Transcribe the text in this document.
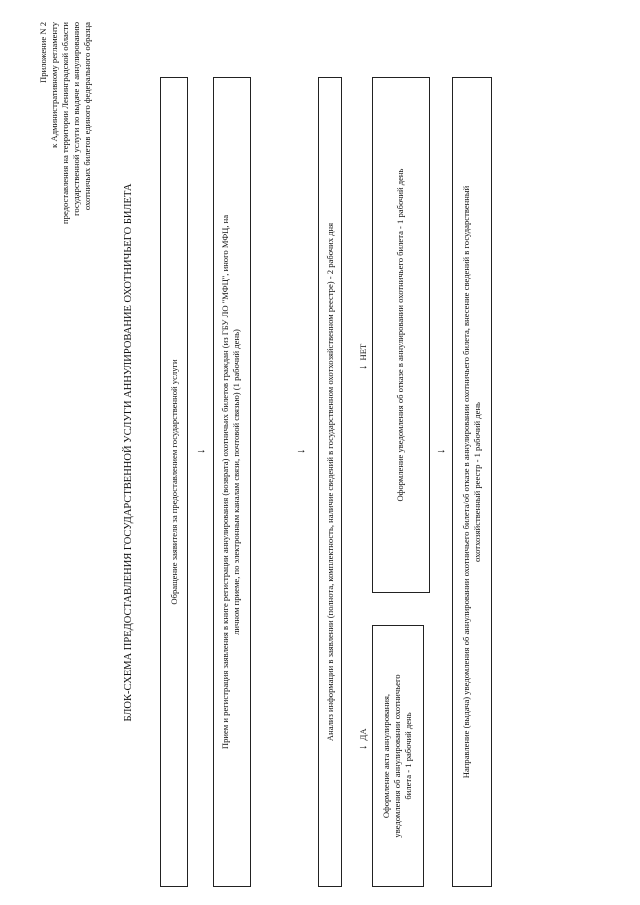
Приложение N 2 к Административному регламенту предоставления на территории Ленинградской области государственной услуги по выдаче и аннулированию охотничьих билетов единого федерального образца
БЛОК-СХЕМА ПРЕДОСТАВЛЕНИЯ ГОСУДАРСТВЕННОЙ УСЛУГИ АННУЛИРОВАНИЕ ОХОТНИЧЬЕГО БИЛЕТА	Обращение заявителя за предоставлением государственной услуги ↓	Прием и регистрация заявления в книге регистрации аннулирования (возврата) охотничьих билетов граждан (из ГБУ ЛО "МФЦ", иного МФЦ, на личном приеме, по электронным каналам связи, почтовой связью) (1 рабочий день)	↓	Анализ информации в заявлении (полнота, комплектность, наличие сведений в государственном охотхозяйственном реестре) - 2 рабочих дня
↓ ДА
↓ НЕТ
Оформление акта аннулирования, уведомления об аннулировании охотничьего билета - 1 рабочий день
Оформление уведомления об отказе в аннулировании охотничьего билета - 1 рабочий день	↓	Направление (выдача) уведомления об аннулировании охотничьего билета/об отказе в аннулировании охотничьего билета, внесение сведений в государственный охотхозяйственный реестр - 1 рабочий день
